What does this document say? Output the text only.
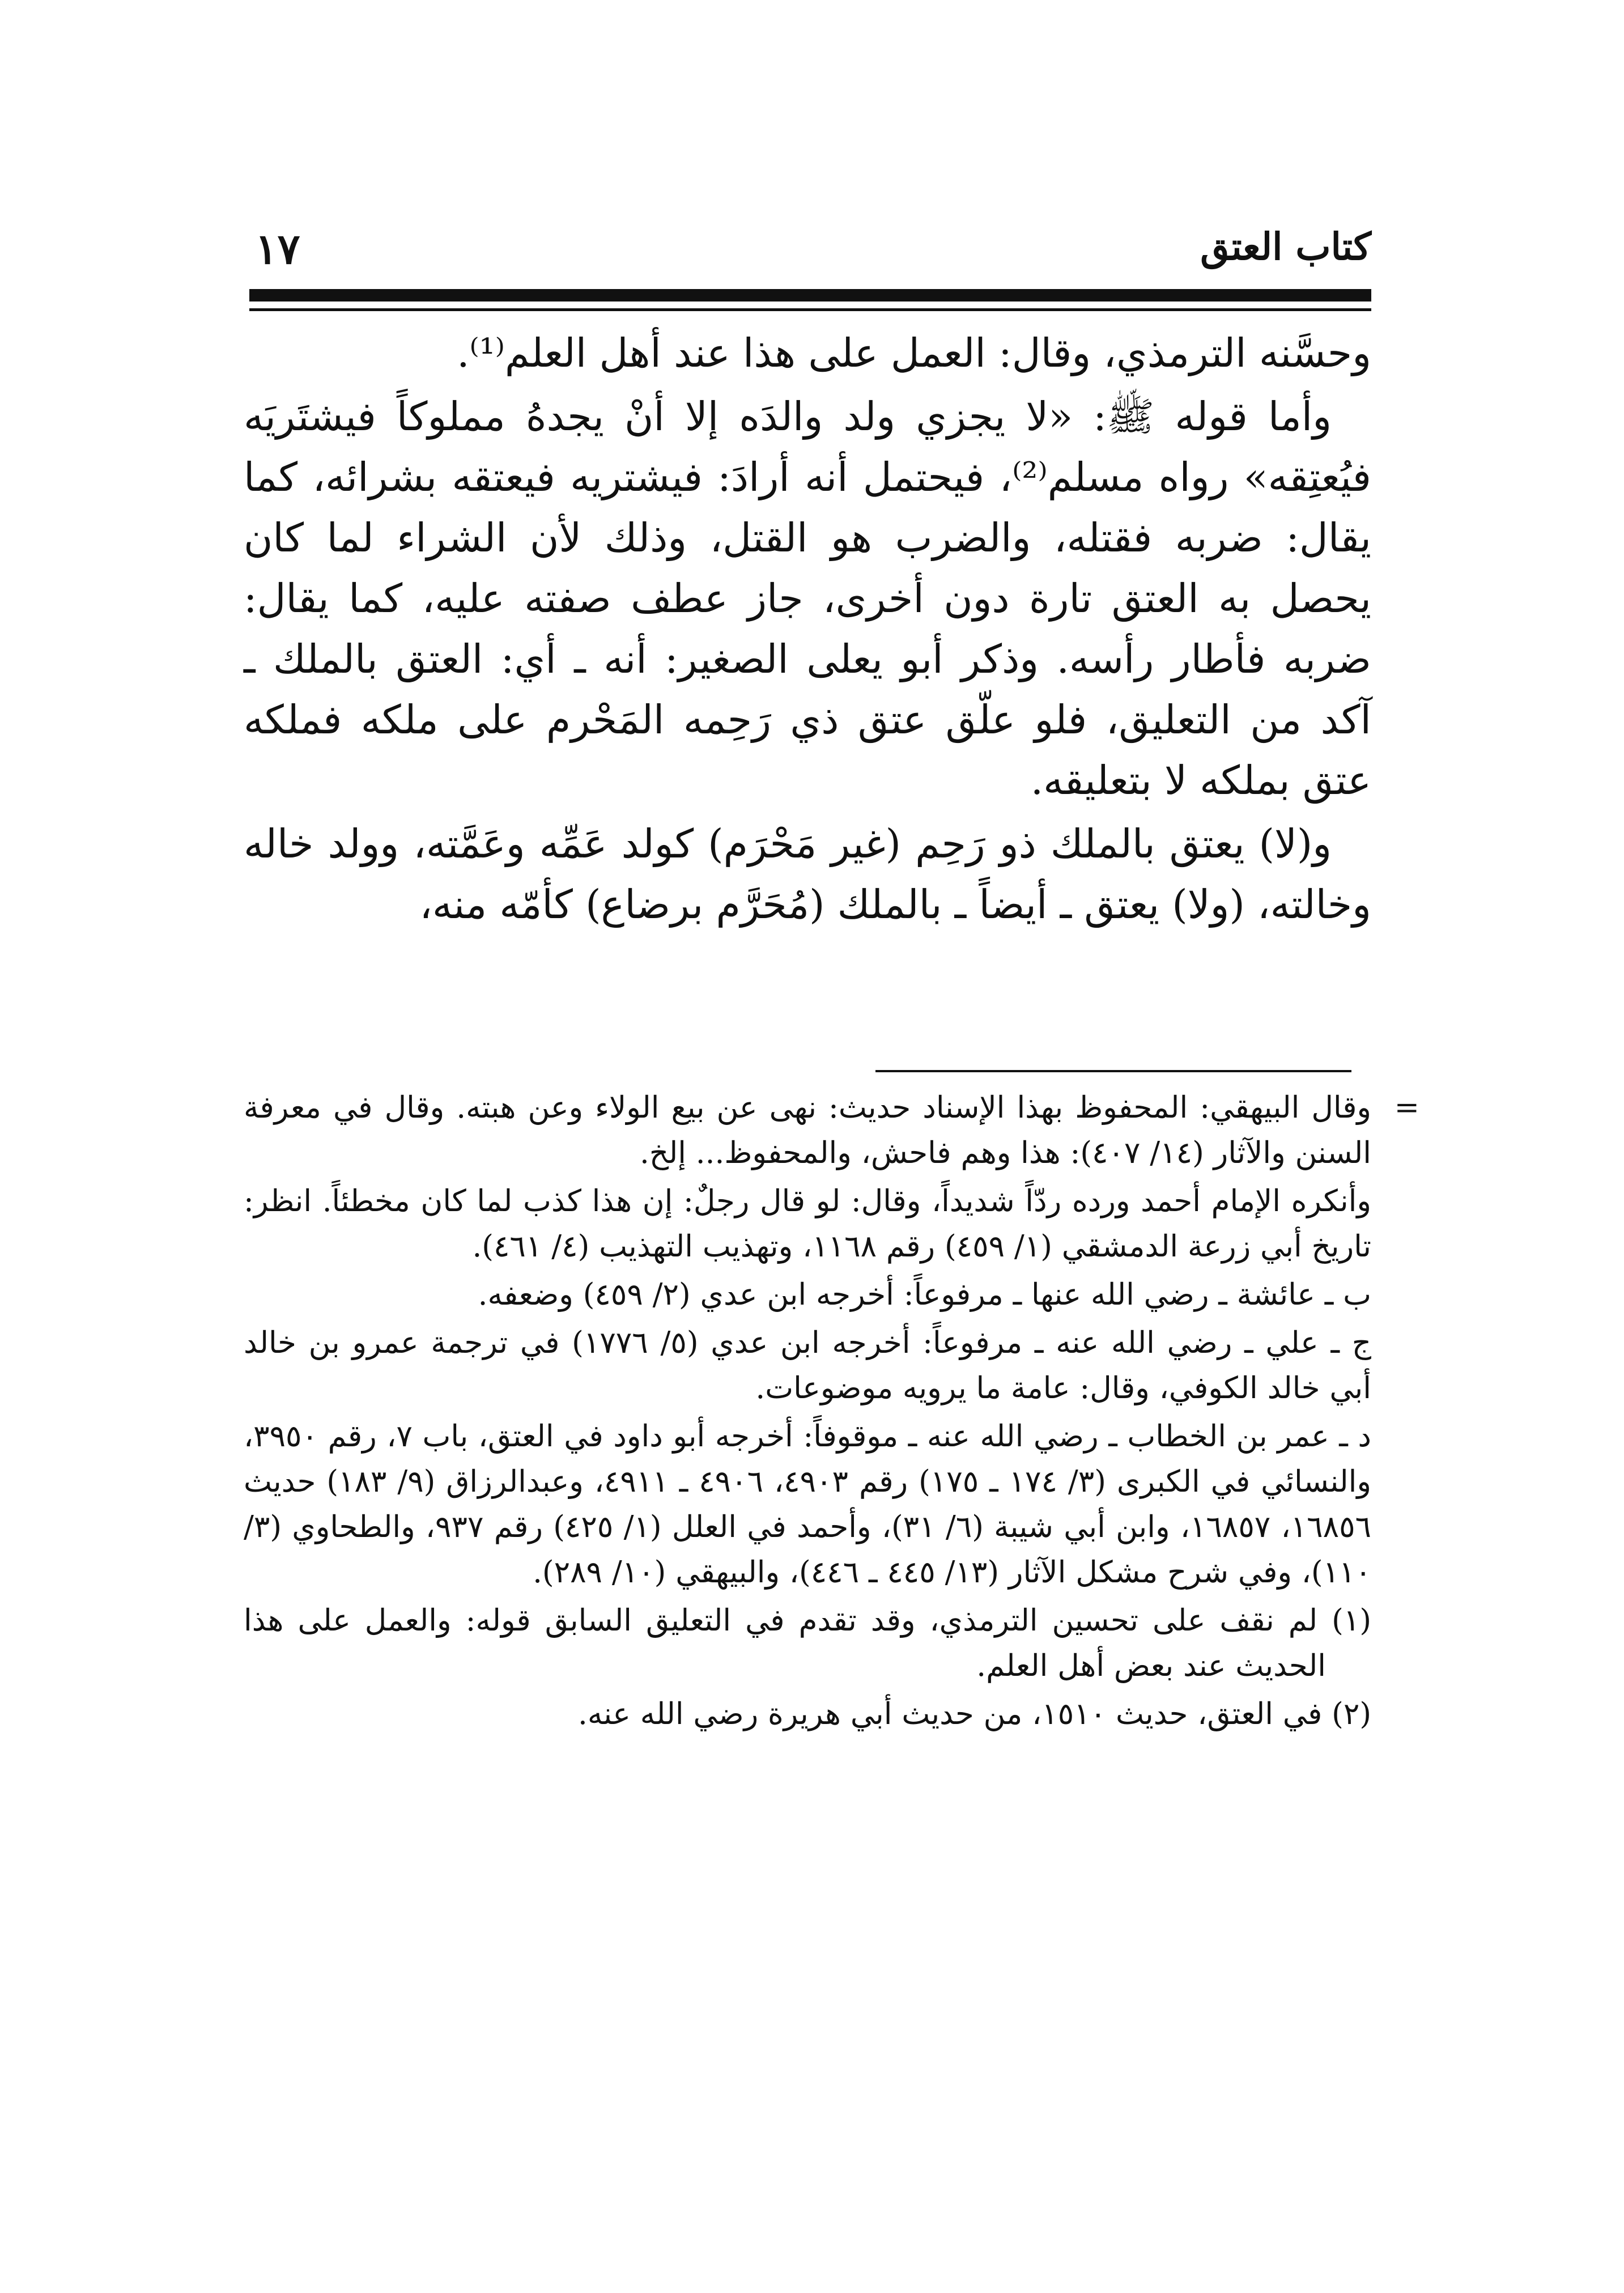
كتاب العتق
١٧

وحسَّنه الترمذي، وقال: العمل على هذا عند أهل العلم⁽¹⁾.

وأما قوله ﷺ: «لا يجزي ولد والدَه إلا أنْ يجدهُ مملوكاً فيشتَريَه فيُعتِقه» رواه مسلم⁽²⁾، فيحتمل أنه أرادَ: فيشتريه فيعتقه بشرائه، كما يقال: ضربه فقتله، والضرب هو القتل، وذلك لأن الشراء لما كان يحصل به العتق تارة دون أخرى، جاز عطف صفته عليه، كما يقال: ضربه فأطار رأسه. وذكر أبو يعلى الصغير: أنه ـ أي: العتق بالملك ـ آكد من التعليق، فلو علّق عتق ذي رَحِمه المَحْرم على ملكه فملكه عتق بملكه لا بتعليقه.

و(لا) يعتق بالملك ذو رَحِم (غير مَحْرَم) كولد عَمِّه وعَمَّته، وولد خاله وخالته، (ولا) يعتق ـ أيضاً ـ بالملك (مُحَرَّم برضاع) كأمّه منه،

=

وقال البيهقي: المحفوظ بهذا الإسناد حديث: نهى عن بيع الولاء وعن هبته. وقال في معرفة السنن والآثار (١٤/ ٤٠٧): هذا وهم فاحش، والمحفوظ... إلخ.

وأنكره الإمام أحمد ورده ردّاً شديداً، وقال: لو قال رجلٌ: إن هذا كذب لما كان مخطئاً. انظر: تاريخ أبي زرعة الدمشقي (١/ ٤٥٩) رقم ١١٦٨، وتهذيب التهذيب (٤/ ٤٦١).

ب ـ عائشة ـ رضي الله عنها ـ مرفوعاً: أخرجه ابن عدي (٢/ ٤٥٩) وضعفه.

ج ـ علي ـ رضي الله عنه ـ مرفوعاً: أخرجه ابن عدي (٥/ ١٧٧٦) في ترجمة عمرو بن خالد أبي خالد الكوفي، وقال: عامة ما يرويه موضوعات.

د ـ عمر بن الخطاب ـ رضي الله عنه ـ موقوفاً: أخرجه أبو داود في العتق، باب ٧، رقم ٣٩٥٠، والنسائي في الكبرى (٣/ ١٧٤ ـ ١٧٥) رقم ٤٩٠٣، ٤٩٠٦ ـ ٤٩١١، وعبدالرزاق (٩/ ١٨٣) حديث ١٦٨٥٦، ١٦٨٥٧، وابن أبي شيبة (٦/ ٣١)، وأحمد في العلل (١/ ٤٢٥) رقم ٩٣٧، والطحاوي (٣/ ١١٠)، وفي شرح مشكل الآثار (١٣/ ٤٤٥ ـ ٤٤٦)، والبيهقي (١٠/ ٢٨٩).

(١) لم نقف على تحسين الترمذي، وقد تقدم في التعليق السابق قوله: والعمل على هذا الحديث عند بعض أهل العلم.

(٢) في العتق، حديث ١٥١٠، من حديث أبي هريرة رضي الله عنه.
